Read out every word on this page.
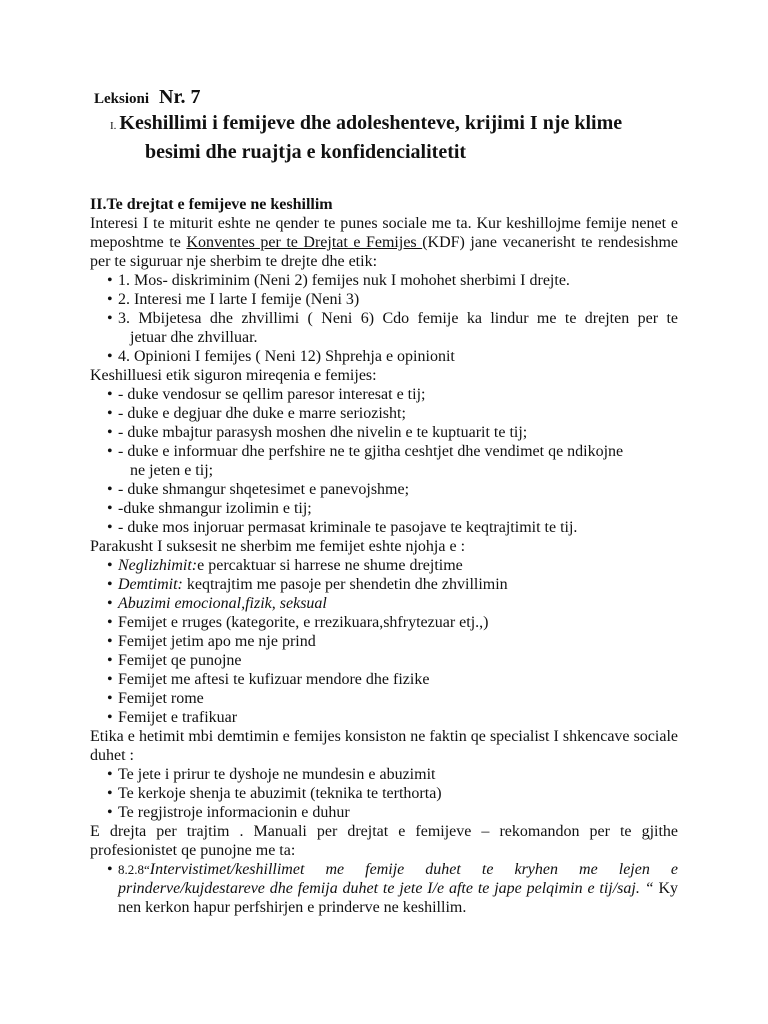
Leksioni Nr. 7
I. Keshillimi i femijeve dhe adoleshenteve, krijimi I nje klime
besimi dhe ruajtja e konfidencialitetit

II.Te drejtat e femijeve ne keshillim

Interesi I te miturit eshte ne qender te punes sociale me ta. Kur keshillojme femije nenet e meposhtme te Konventes per te Drejtat e Femijes (KDF) jane vecanerisht te rendesishme per te siguruar nje sherbim te drejte dhe etik:

• 1. Mos- diskriminim (Neni 2) femijes nuk I mohohet sherbimi I drejte.
• 2. Interesi me I larte I femije (Neni 3)
• 3. Mbijetesa dhe zhvillimi ( Neni 6) Cdo femije ka lindur me te drejten per te
jetuar dhe zhvilluar.
• 4. Opinioni I femijes ( Neni 12) Shprehja e opinionit

Keshilluesi etik siguron mireqenia e femijes:

• - duke vendosur se qellim paresor interesat e tij;
• - duke e degjuar dhe duke e marre seriozisht;
• - duke mbajtur parasysh moshen dhe nivelin e te kuptuarit te tij;
• - duke e informuar dhe perfshire ne te gjitha ceshtjet dhe vendimet qe ndikojne
ne jeten e tij;
• - duke shmangur shqetesimet e panevojshme;
• -duke shmangur izolimin e tij;
• - duke mos injoruar permasat kriminale te pasojave te keqtrajtimit te tij.

Parakusht I suksesit ne sherbim me femijet eshte njohja e :

• Neglizhimit:e percaktuar si harrese ne shume drejtime
• Demtimit: keqtrajtim me pasoje per shendetin dhe zhvillimin
• Abuzimi emocional,fizik, seksual
• Femijet e rruges (kategorite, e rrezikuara,shfrytezuar etj.,)
• Femijet jetim apo me nje prind
• Femijet qe punojne
• Femijet me aftesi te kufizuar mendore dhe fizike
• Femijet rome
• Femijet e trafikuar

Etika e hetimit mbi demtimin e femijes konsiston ne faktin qe specialist I shkencave sociale duhet :

• Te jete i prirur te dyshoje ne mundesin e abuzimit
• Te kerkoje shenja te abuzimit (teknika te terthorta)
• Te regjistroje informacionin e duhur

E drejta per trajtim . Manuali per drejtat e femijeve – rekomandon per te gjithe profesionistet qe punojne me ta:

• 8.2.8“Intervistimet/keshillimet me femije duhet te kryhen me lejen e prinderve/kujdestareve dhe femija duhet te jete I/e afte te jape pelqimin e tij/saj. “ Ky nen kerkon hapur perfshirjen e prinderve ne keshillim.
